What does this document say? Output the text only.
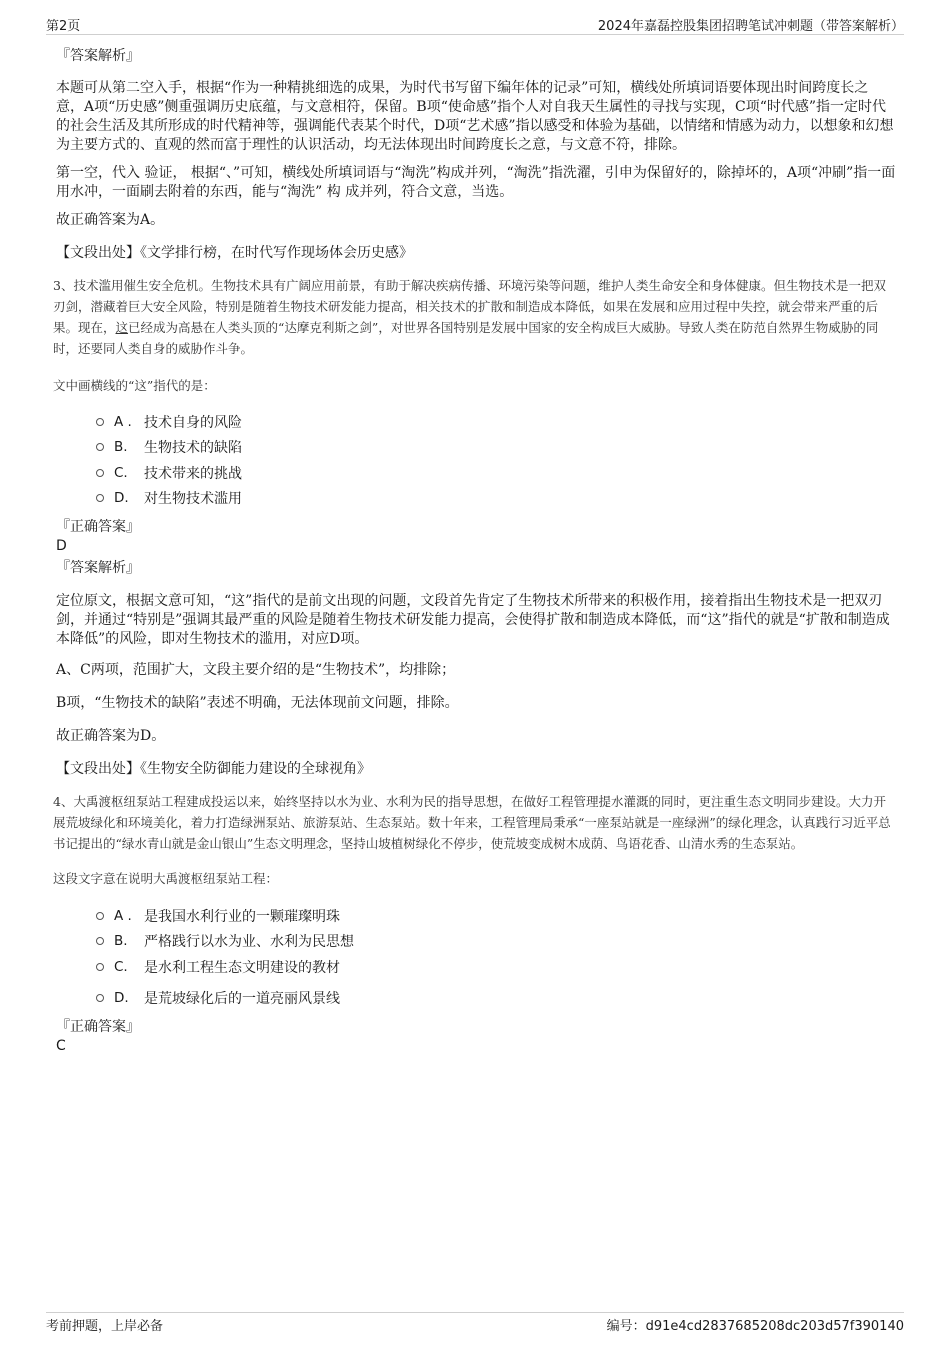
第2页	2024年嘉磊控股集团招聘笔试冲刺题（带答案解析）
『答案解析』

本题可从第二空入手，根据“作为一种精挑细选的成果，为时代书写留下编年体的记录”可知，横线处所填词语要体现出时间跨度长之意，A项“历史感”侧重强调历史底蕴，与文意相符，保留。B项“使命感”指个人对自我天生属性的寻找与实现，C项“时代感”指一定时代的社会生活及其所形成的时代精神等，强调能代表某个时代，D项“艺术感”指以感受和体验为基础，以情绪和情感为动力，以想象和幻想为主要方式的、直观的然而富于理性的认识活动，均无法体现出时间跨度长之意，与文意不符，排除。

第一空，代入 验证， 根据“、”可知，横线处所填词语与“淘洗”构成并列，“淘洗”指洗濯，引申为保留好的，除掉坏的，A项“冲刷”指一面用水冲，一面刷去附着的东西，能与“淘洗” 构 成并列，符合文意，当选。

故正确答案为A。

【文段出处】《文学排行榜，在时代写作现场体会历史感》

3、技术滥用催生安全危机。生物技术具有广阔应用前景，有助于解决疾病传播、环境污染等问题，维护人类生命安全和身体健康。但生物技术是一把双刃剑，潜藏着巨大安全风险，特别是随着生物技术研发能力提高，相关技术的扩散和制造成本降低，如果在发展和应用过程中失控，就会带来严重的后果。现在，这已经成为高悬在人类头顶的“达摩克利斯之剑”，对世界各国特别是发展中国家的安全构成巨大威胁。导致人类在防范自然界生物威胁的同时，还要同人类自身的威胁作斗争。

文中画横线的“这”指代的是：

A . 技术自身的风险
B.	生物技术的缺陷
C.	技术带来的挑战
D.	对生物技术滥用
『正确答案』
D
『答案解析』

定位原文，根据文意可知，“这”指代的是前文出现的问题，文段首先肯定了生物技术所带来的积极作用，接着指出生物技术是一把双刃剑，并通过“特别是”强调其最严重的风险是随着生物技术研发能力提高，会使得扩散和制造成本降低，而“这”指代的就是“扩散和制造成本降低”的风险，即对生物技术的滥用，对应D项。

A、C两项，范围扩大，文段主要介绍的是“生物技术”，均排除；

B项，“生物技术的缺陷”表述不明确，无法体现前文问题，排除。

故正确答案为D。

【文段出处】《生物安全防御能力建设的全球视角》

4、大禹渡枢纽泵站工程建成投运以来，始终坚持以水为业、水利为民的指导思想，在做好工程管理提水灌溉的同时，更注重生态文明同步建设。大力开展荒坡绿化和环境美化，着力打造绿洲泵站、旅游泵站、生态泵站。数十年来，工程管理局秉承“一座泵站就是一座绿洲”的绿化理念，认真践行习近平总书记提出的“绿水青山就是金山银山”生态文明理念，坚持山坡植树绿化不停步，使荒坡变成树木成荫、鸟语花香、山清水秀的生态泵站。

这段文字意在说明大禹渡枢纽泵站工程：

A . 是我国水利行业的一颗璀璨明珠
B.	严格践行以水为业、水利为民思想
C.	是水利工程生态文明建设的教材
D.	是荒坡绿化后的一道亮丽风景线
『正确答案』
C
考前押题，上岸必备	编号：d91e4cd2837685208dc203d57f390140
